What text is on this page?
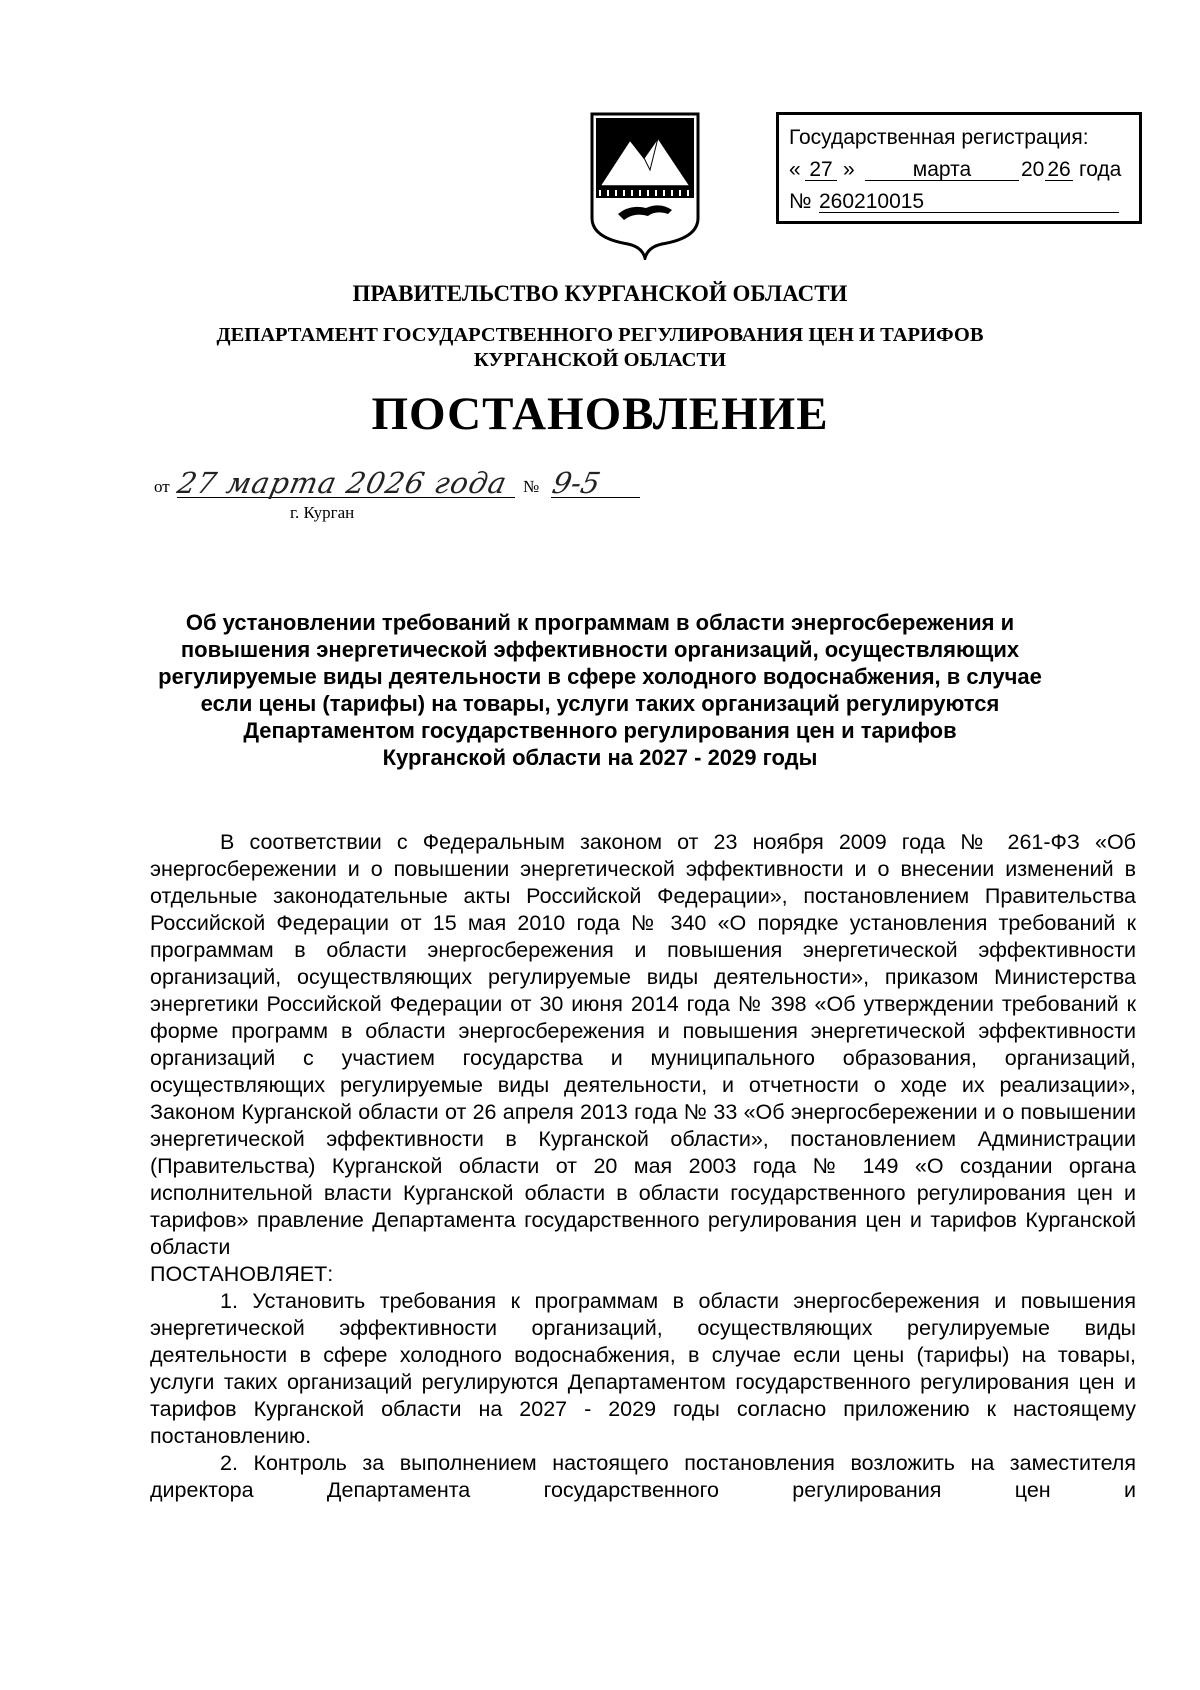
Государственная регистрация:
« 27 »	марта	20 26 года
№ 260210015
ПРАВИТЕЛЬСТВО КУРГАНСКОЙ ОБЛАСТИ
ДЕПАРТАМЕНТ ГОСУДАРСТВЕННОГО РЕГУЛИРОВАНИЯ ЦЕН И ТАРИФОВ
КУРГАНСКОЙ ОБЛАСТИ
ПОСТАНОВЛЕНИЕ
от 27 марта 2026 года № 9-5
г. Курган
Об установлении требований к программам в области энергосбережения и
повышения энергетической эффективности организаций, осуществляющих
регулируемые виды деятельности в сфере холодного водоснабжения, в случае
если цены (тарифы) на товары, услуги таких организаций регулируются
Департаментом государственного регулирования цен и тарифов
Курганской области на 2027 - 2029 годы

В соответствии с Федеральным законом от 23 ноября 2009 года № 261-ФЗ «Об энергосбережении и о повышении энергетической эффективности и о внесении изменений в отдельные законодательные акты Российской Федерации», постановлением Правительства Российской Федерации от 15 мая 2010 года № 340 «О порядке установления требований к программам в области энергосбережения и повышения энергетической эффективности организаций, осуществляющих регулируемые виды деятельности», приказом Министерства энергетики Российской Федерации от 30 июня 2014 года № 398 «Об утверждении требований к форме программ в области энергосбережения и повышения энергетической эффективности организаций с участием государства и муниципального образования, организаций, осуществляющих регулируемые виды деятельности, и отчетности о ходе их реализации», Законом Курганской области от 26 апреля 2013 года № 33 «Об энергосбережении и о повышении энергетической эффективности в Курганской области», постановлением Администрации (Правительства) Курганской области от 20 мая 2003 года № 149 «О создании органа исполнительной власти Курганской области в области государственного регулирования цен и тарифов» правление Департамента государственного регулирования цен и тарифов Курганской области

ПОСТАНОВЛЯЕТ:

1. Установить требования к программам в области энергосбережения и повышения энергетической эффективности организаций, осуществляющих регулируемые виды деятельности в сфере холодного водоснабжения, в случае если цены (тарифы) на товары, услуги таких организаций регулируются Департаментом государственного регулирования цен и тарифов Курганской области на 2027 - 2029 годы согласно приложению к настоящему постановлению.

2. Контроль за выполнением настоящего постановления возложить на заместителя директора Департамента государственного регулирования цен и
